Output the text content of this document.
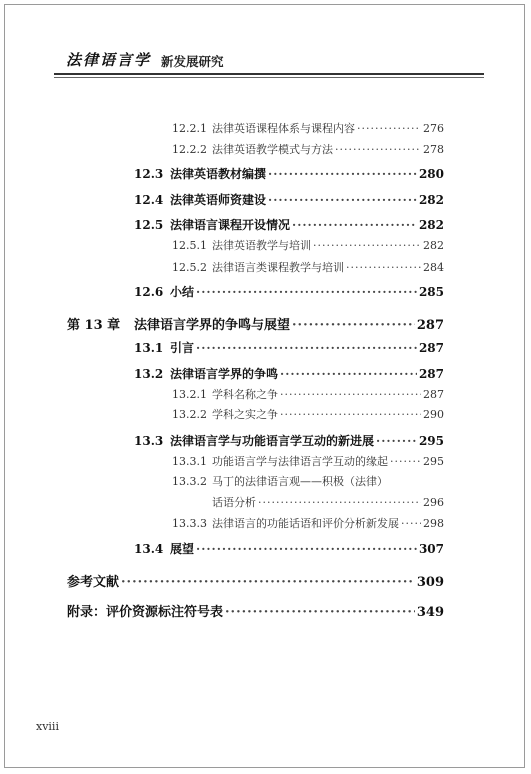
法律语言学 新发展研究
12.2.1 法律英语课程体系与课程内容 ·····	276
12.2.2 法律英语教学模式与方法 ·····	278
12.3 法律英语教材编撰 ·····	280
12.4 法律英语师资建设 ·····	282
12.5 法律语言课程开设情况 ·····	282
12.5.1 法律英语教学与培训 ·····	282
12.5.2 法律语言类课程教学与培训 ·····	284
12.6 小结 ·····	285
第 13 章	法律语言学界的争鸣与展望 ·····	287
13.1 引言 ·····	287
13.2 法律语言学界的争鸣 ·····	287
13.2.1 学科名称之争 ·····	287
13.2.2 学科之实之争 ·····	290
13.3 法律语言学与功能语言学互动的新进展 ·····	295
13.3.1 功能语言学与法律语言学互动的缘起 ·····	295
13.3.2 马丁的法律语言观——积极（法律）
话语分析 ·····	296
13.3.3 法律语言的功能话语和评价分析新发展 ····· 298
13.4 展望 ·····	307
参考文献 ·····	309
附录：评价资源标注符号表 ·····	349
xviii
